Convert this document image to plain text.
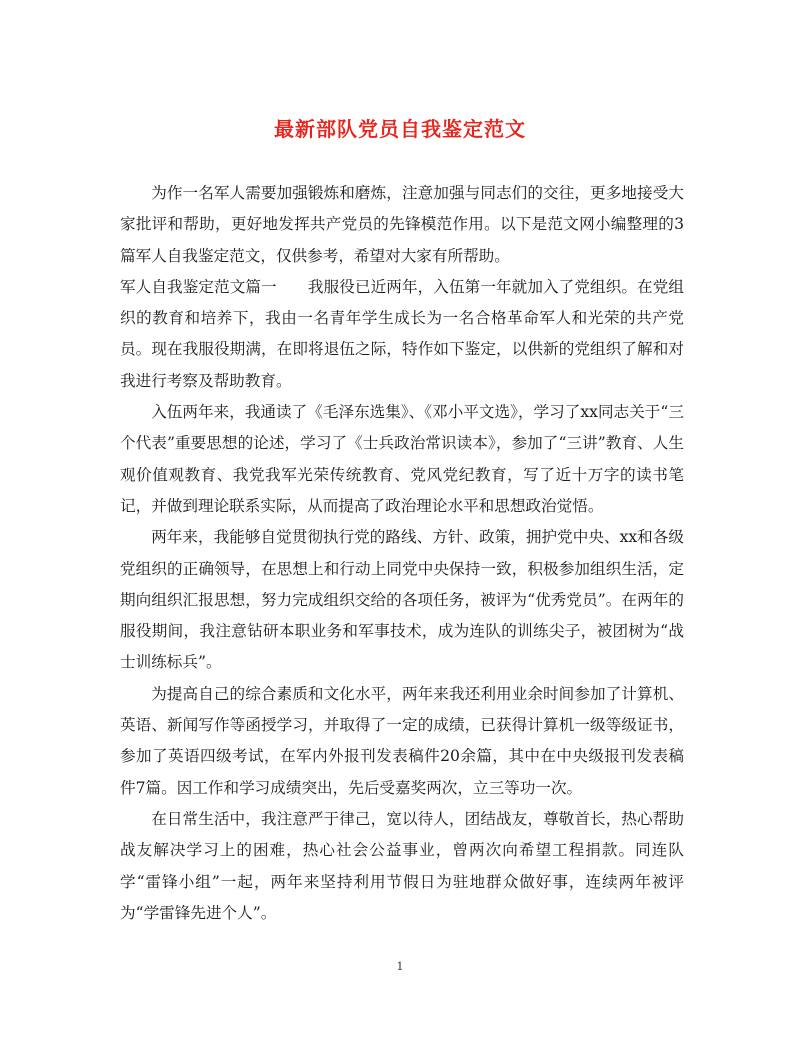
最新部队党员自我鉴定范文

为作一名军人需要加强锻炼和磨炼，注意加强与同志们的交往，更多地接受大家批评和帮助，更好地发挥共产党员的先锋模范作用。以下是范文网小编整理的3篇军人自我鉴定范文，仅供参考，希望对大家有所帮助。

军人自我鉴定范文篇一 我服役已近两年，入伍第一年就加入了党组织。在党组织的教育和培养下，我由一名青年学生成长为一名合格革命军人和光荣的共产党员。现在我服役期满，在即将退伍之际，特作如下鉴定，以供新的党组织了解和对我进行考察及帮助教育。

入伍两年来，我通读了《毛泽东选集》、《邓小平文选》，学习了xx同志关于“三个代表”重要思想的论述，学习了《士兵政治常识读本》，参加了“三讲”教育、人生观价值观教育、我党我军光荣传统教育、党风党纪教育，写了近十万字的读书笔记，并做到理论联系实际，从而提高了政治理论水平和思想政治觉悟。

两年来，我能够自觉贯彻执行党的路线、方针、政策，拥护党中央、xx和各级党组织的正确领导，在思想上和行动上同党中央保持一致，积极参加组织生活，定期向组织汇报思想，努力完成组织交给的各项任务，被评为“优秀党员”。在两年的服役期间，我注意钻研本职业务和军事技术，成为连队的训练尖子，被团树为“战士训练标兵”。

为提高自己的综合素质和文化水平，两年来我还利用业余时间参加了计算机、英语、新闻写作等函授学习，并取得了一定的成绩，已获得计算机一级等级证书，参加了英语四级考试，在军内外报刊发表稿件20余篇，其中在中央级报刊发表稿件7篇。因工作和学习成绩突出，先后受嘉奖两次，立三等功一次。

在日常生活中，我注意严于律己，宽以待人，团结战友，尊敬首长，热心帮助战友解决学习上的困难，热心社会公益事业，曾两次向希望工程捐款。同连队学“雷锋小组”一起，两年来坚持利用节假日为驻地群众做好事，连续两年被评为“学雷锋先进个人”。

1
